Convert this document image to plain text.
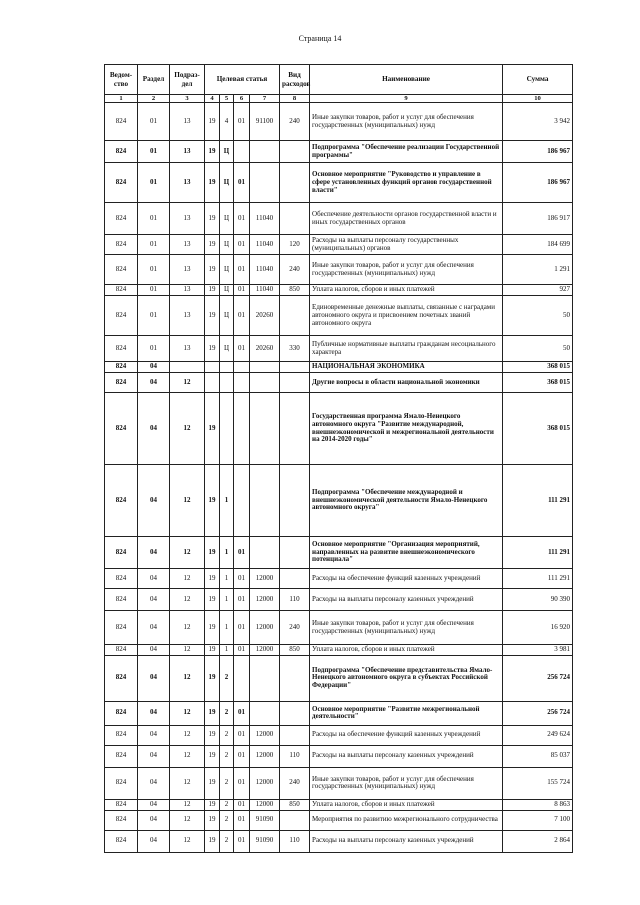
Страница 14
Ведом-ство	Раздел	Подраз-дел	Целевая статья				Вид расходов	Наименование	Сумма
1	2	3	4	5	6	7	8	9	10
824	01	13	19	4	01	91100	240	Иные закупки товаров, работ и услуг для обеспечения государственных (муниципальных) нужд	3 942
824	01	13	19	Ц				Подпрограмма "Обеспечение реализации Государственной программы"	186 967
824	01	13	19	Ц	01			Основное мероприятие "Руководство и управление в сфере установленных функций органов государственной власти"	186 967
824	01	13	19	Ц	01	11040		Обеспечение деятельности органов государственной власти и иных государственных органов	186 917
824	01	13	19	Ц	01	11040	120	Расходы на выплаты персоналу государственных (муниципальных) органов	184 699
824	01	13	19	Ц	01	11040	240	Иные закупки товаров, работ и услуг для обеспечения государственных (муниципальных) нужд	1 291
824	01	13	19	Ц	01	11040	850	Уплата налогов, сборов и иных платежей	927
824	01	13	19	Ц	01	20260		Единовременные денежные выплаты, связанные с наградами автономного округа и присвоением почетных званий автономного округа	50
824	01	13	19	Ц	01	20260	330	Публичные нормативные выплаты гражданам несоциального характера	50
824	04							НАЦИОНАЛЬНАЯ ЭКОНОМИКА	368 015
824	04	12						Другие вопросы в области национальной экономики	368 015
824	04	12	19					Государственная программа Ямало-Ненецкого автономного округа "Развитие международной, внешнеэкономической и межрегиональной деятельности на 2014-2020 годы"	368 015
824	04	12	19	1				Подпрограмма "Обеспечение международной и внешнеэкономической деятельности Ямало-Ненецкого автономного округа"	111 291
824	04	12	19	1	01			Основное мероприятие "Организация мероприятий, направленных на развитие внешнеэкономического потенциала"	111 291
824	04	12	19	1	01	12000		Расходы на обеспечение функций казенных учреждений	111 291
824	04	12	19	1	01	12000	110	Расходы на выплаты персоналу казенных учреждений	90 390
824	04	12	19	1	01	12000	240	Иные закупки товаров, работ и услуг для обеспечения государственных (муниципальных) нужд	16 920
824	04	12	19	1	01	12000	850	Уплата налогов, сборов и иных платежей	3 981
824	04	12	19	2				Подпрограмма "Обеспечение представительства Ямало-Ненецкого автономного округа в субъектах Российской Федерации"	256 724
824	04	12	19	2	01			Основное мероприятие "Развитие межрегиональной деятельности"	256 724
824	04	12	19	2	01	12000		Расходы на обеспечение функций казенных учреждений	249 624
824	04	12	19	2	01	12000	110	Расходы на выплаты персоналу казенных учреждений	85 037
824	04	12	19	2	01	12000	240	Иные закупки товаров, работ и услуг для обеспечения государственных (муниципальных) нужд	155 724
824	04	12	19	2	01	12000	850	Уплата налогов, сборов и иных платежей	8 863
824	04	12	19	2	01	91090		Мероприятия по развитию межрегионального сотрудничества	7 100
824	04	12	19	2	01	91090	110	Расходы на выплаты персоналу казенных учреждений	2 864
